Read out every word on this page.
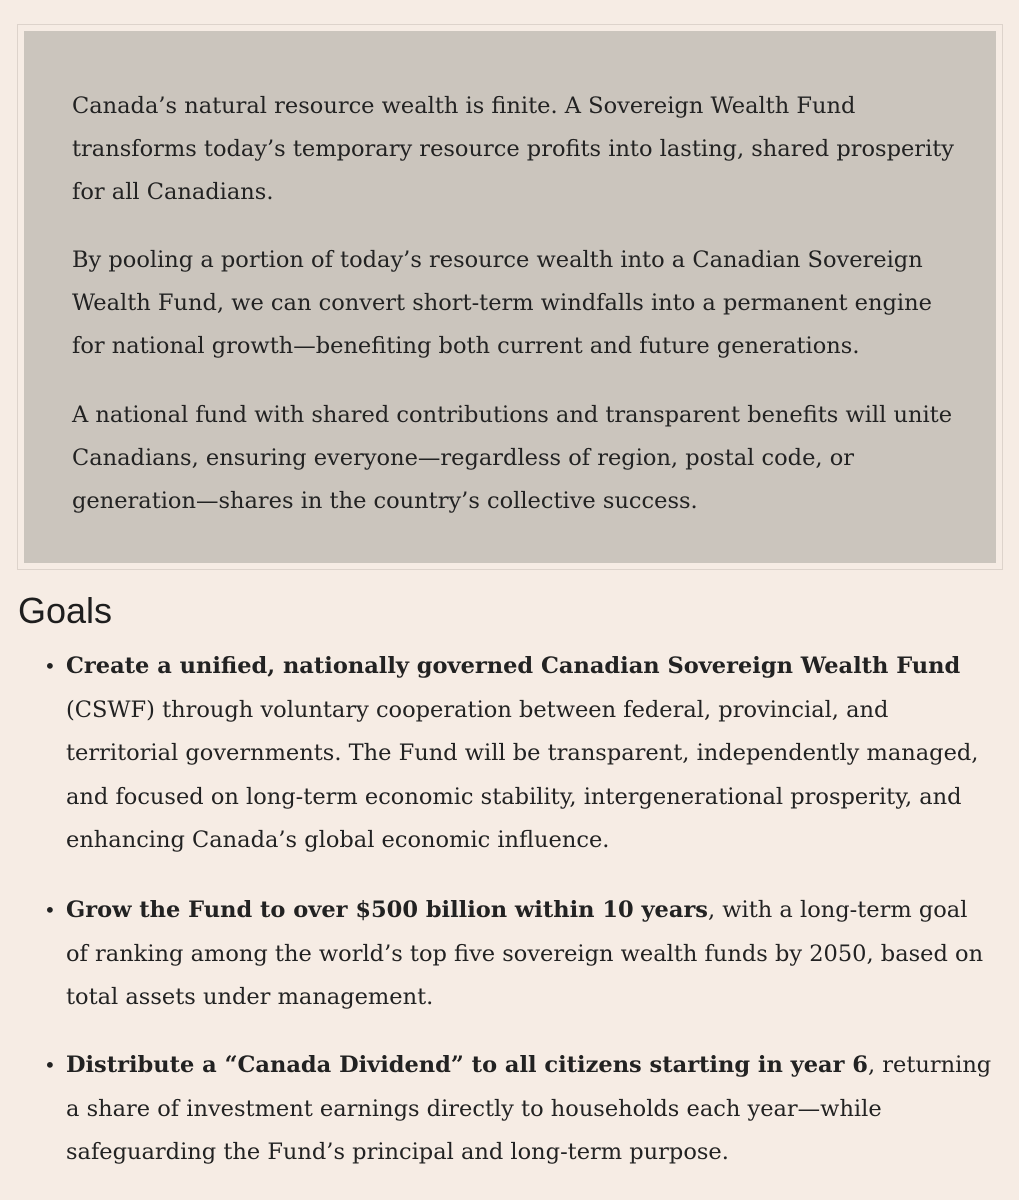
Canada’s natural resource wealth is finite. A Sovereign Wealth Fund transforms today’s temporary resource profits into lasting, shared prosperity for all Canadians.

By pooling a portion of today’s resource wealth into a Canadian Sovereign Wealth Fund, we can convert short-term windfalls into a permanent engine for national growth—benefiting both current and future generations.

A national fund with shared contributions and transparent benefits will unite Canadians, ensuring everyone—regardless of region, postal code, or generation—shares in the country’s collective success.

Goals
• Create a unified, nationally governed Canadian Sovereign Wealth Fund (CSWF) through voluntary cooperation between federal, provincial, and territorial governments. The Fund will be transparent, independently managed, and focused on long-term economic stability, intergenerational prosperity, and enhancing Canada’s global economic influence.
• Grow the Fund to over $500 billion within 10 years, with a long-term goal of ranking among the world’s top five sovereign wealth funds by 2050, based on total assets under management.
• Distribute a “Canada Dividend” to all citizens starting in year 6, returning a share of investment earnings directly to households each year—while safeguarding the Fund’s principal and long-term purpose.
